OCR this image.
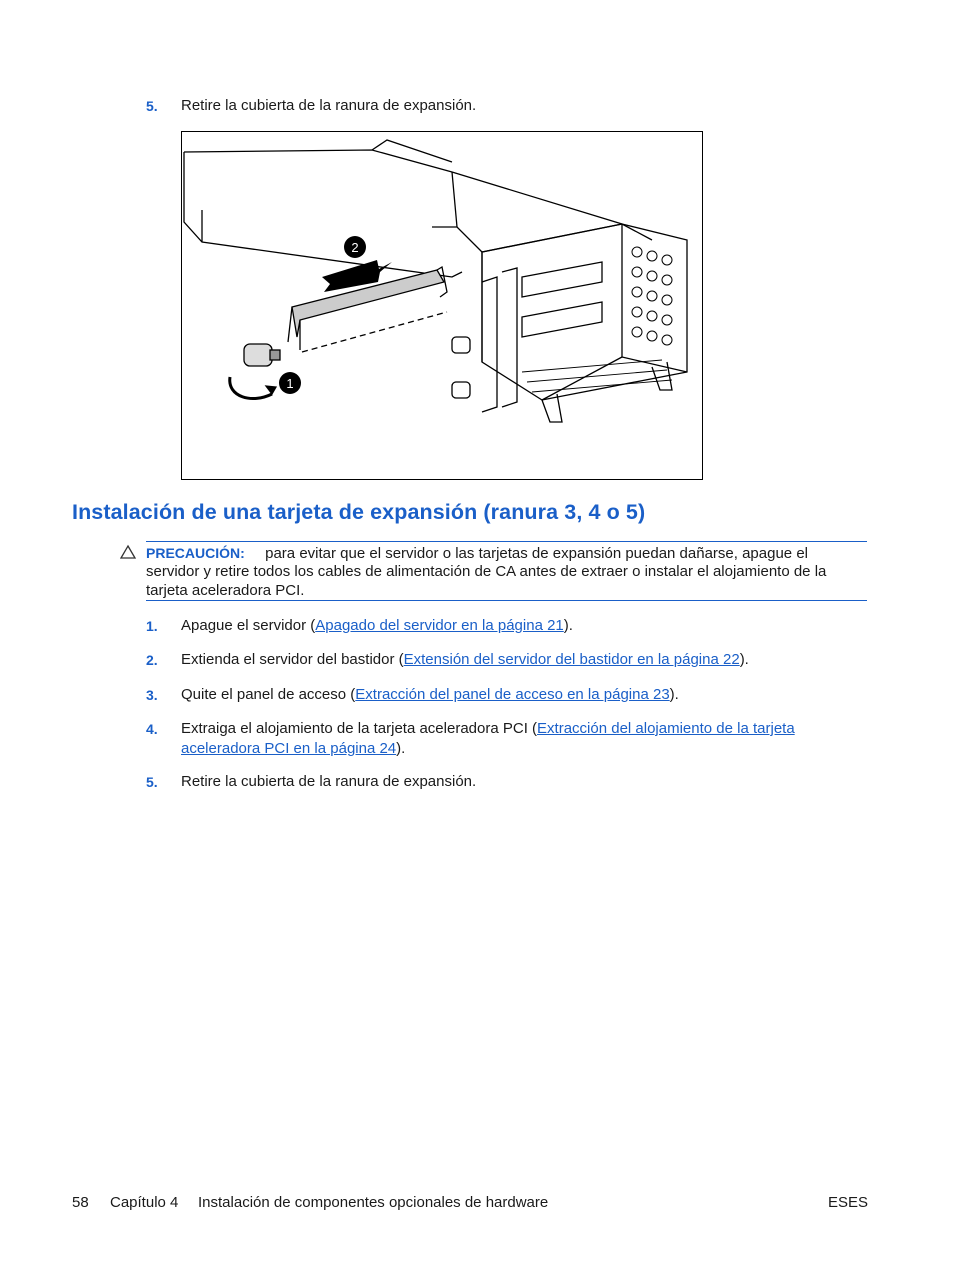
5. Retire la cubierta de la ranura de expansión.
2
1
Instalación de una tarjeta de expansión (ranura 3, 4 o 5)
PRECAUCIÓN: para evitar que el servidor o las tarjetas de expansión puedan dañarse, apague el
servidor y retire todos los cables de alimentación de CA antes de extraer o instalar el alojamiento de la
tarjeta aceleradora PCI.
1. Apague el servidor (Apagado del servidor en la página 21).
2. Extienda el servidor del bastidor (Extensión del servidor del bastidor en la página 22).
3. Quite el panel de acceso (Extracción del panel de acceso en la página 23).
4. Extraiga el alojamiento de la tarjeta aceleradora PCI (Extracción del alojamiento de la tarjeta
aceleradora PCI en la página 24).
5. Retire la cubierta de la ranura de expansión.
58 Capítulo 4 Instalación de componentes opcionales de hardware	ESES
